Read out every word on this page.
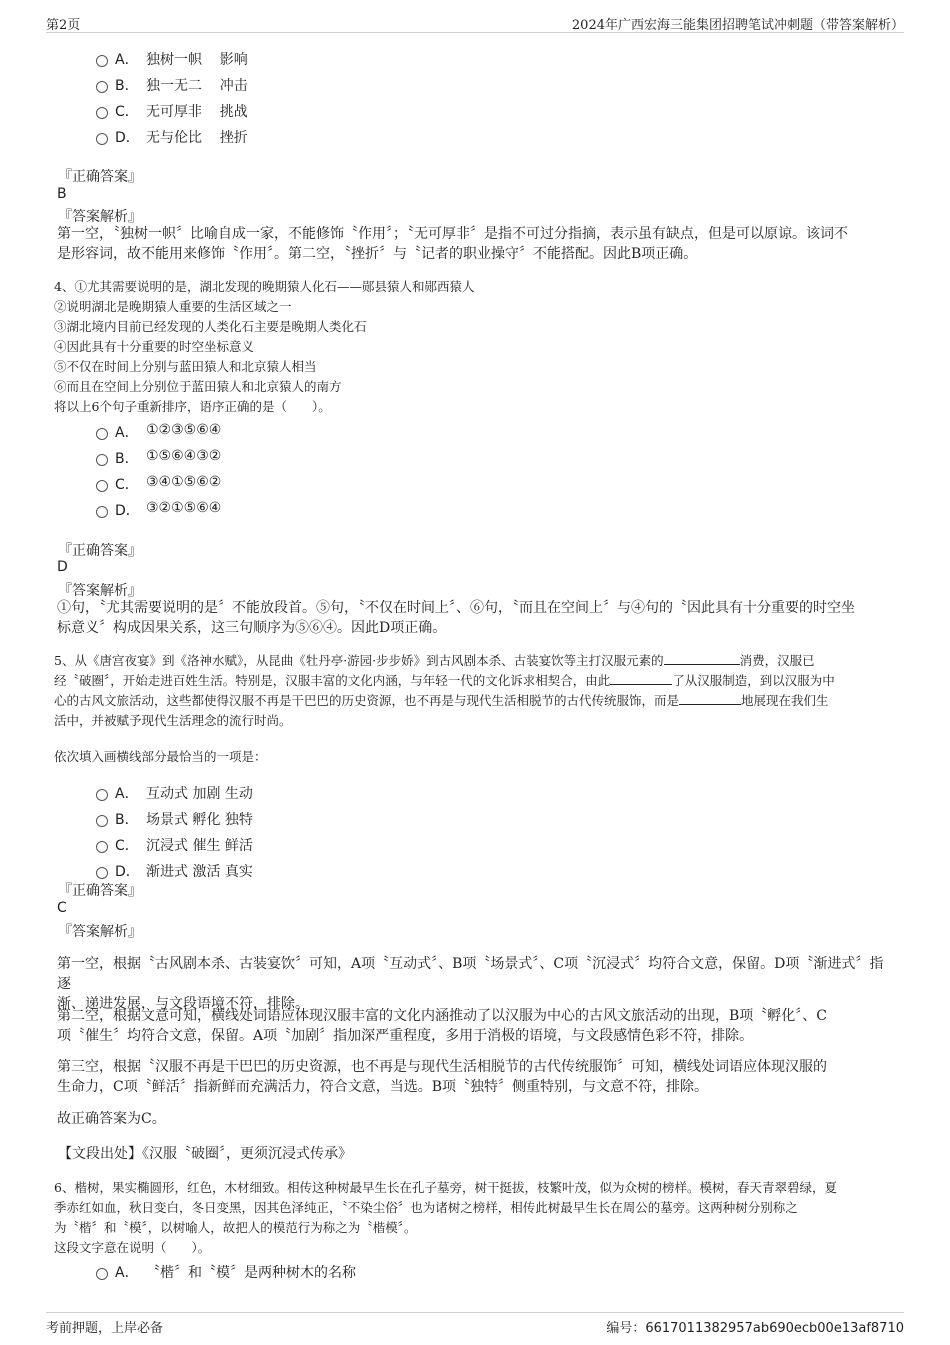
第2页	2024年广西宏海三能集团招聘笔试冲刺题（带答案解析）
A． 独树一帜    影响
B． 独一无二    冲击
C． 无可厚非    挑战
D． 无与伦比    挫折
『正确答案』
B
『答案解析』
第一空，〝独树一帜〞比喻自成一家，不能修饰〝作用〞；〝无可厚非〞是指不可过分指摘，表示虽有缺点，但是可以原谅。该词不
是形容词，故不能用来修饰〝作用〞。第二空，〝挫折〞与〝记者的职业操守〞不能搭配。因此B项正确。
4、①尤其需要说明的是，湖北发现的晚期猿人化石——郧县猿人和郧西猿人
②说明湖北是晚期猿人重要的生活区域之一
③湖北境内目前已经发现的人类化石主要是晚期人类化石
④因此具有十分重要的时空坐标意义
⑤不仅在时间上分别与蓝田猿人和北京猿人相当
⑥而且在空间上分别位于蓝田猿人和北京猿人的南方
将以上6个句子重新排序，语序正确的是（　　）。
A． ①②③⑤⑥④
B． ①⑤⑥④③②
C． ③④①⑤⑥②
D． ③②①⑤⑥④
『正确答案』
D
『答案解析』
①句，〝尤其需要说明的是〞不能放段首。⑤句，〝不仅在时间上〞、⑥句，〝而且在空间上〞与④句的〝因此具有十分重要的时空坐
标意义〞构成因果关系，这三句顺序为⑤⑥④。因此D项正确。
5、从《唐宫夜宴》到《洛神水赋》，从昆曲《牡丹亭·游园·步步娇》到古风剧本杀、古装宴饮等主打汉服元素的	消费，汉服已
经〝破圈〞，开始走进百姓生活。特别是，汉服丰富的文化内涵，与年轻一代的文化诉求相契合，由此	了从汉服制造，到以汉服为中
心的古风文旅活动，这些都使得汉服不再是干巴巴的历史资源，也不再是与现代生活相脱节的古代传统服饰，而是	地展现在我们生
活中，并被赋予现代生活理念的流行时尚。
依次填入画横线部分最恰当的一项是：
A． 互动式 加剧 生动
B． 场景式 孵化 独特
C． 沉浸式 催生 鲜活
D． 渐进式 激活 真实
『正确答案』
C
『答案解析』
第一空，根据〝古风剧本杀、古装宴饮〞可知，A项〝互动式〞、B项〝场景式〞、C项〝沉浸式〞均符合文意，保留。D项〝渐进式〞指逐
渐、递进发展，与文段语境不符，排除。
第二空，根据文意可知，横线处词语应体现汉服丰富的文化内涵推动了以汉服为中心的古风文旅活动的出现，B项〝孵化〞、C
项〝催生〞均符合文意，保留。A项〝加剧〞指加深严重程度，多用于消极的语境，与文段感情色彩不符，排除。
第三空，根据〝汉服不再是干巴巴的历史资源，也不再是与现代生活相脱节的古代传统服饰〞可知，横线处词语应体现汉服的
生命力，C项〝鲜活〞指新鲜而充满活力，符合文意，当选。B项〝独特〞侧重特别，与文意不符，排除。
故正确答案为C。
【文段出处】《汉服〝破圈〞，更须沉浸式传承》
6、楷树，果实椭圆形，红色，木材细致。相传这种树最早生长在孔子墓旁，树干挺拔，枝繁叶茂，似为众树的榜样。模树，春天青翠碧绿，夏
季赤红如血，秋日变白，冬日变黑，因其色泽纯正，〝不染尘俗〞也为诸树之榜样，相传此树最早生长在周公的墓旁。这两种树分别称之
为〝楷〞和〝模〞，以树喻人，故把人的模范行为称之为〝楷模〞。
这段文字意在说明（　　）。
A． 〝楷〞和〝模〞是两种树木的名称
考前押题，上岸必备	编号：6617011382957ab690ecb00e13af8710
